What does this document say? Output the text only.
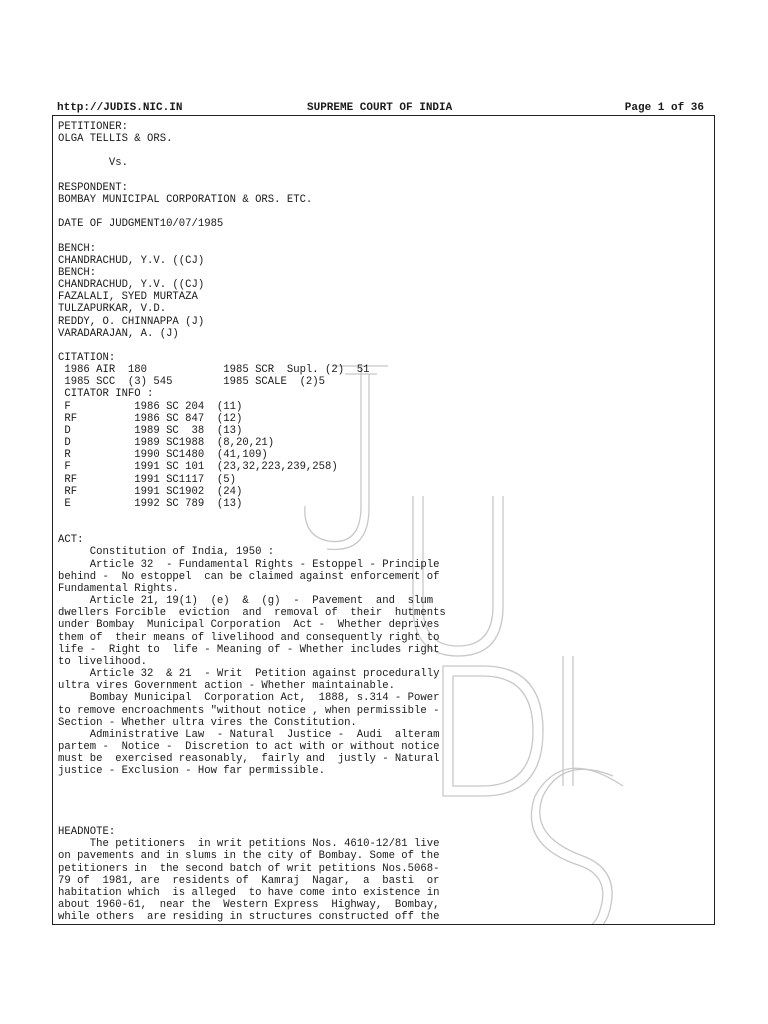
http://JUDIS.NIC.IN	SUPREME COURT OF INDIA	Page 1 of 36
PETITIONER:
OLGA TELLIS & ORS.

Vs.

RESPONDENT:
BOMBAY MUNICIPAL CORPORATION & ORS. ETC.

DATE OF JUDGMENT10/07/1985

BENCH:
CHANDRACHUD, Y.V. ((CJ)
BENCH:
CHANDRACHUD, Y.V. ((CJ)
FAZALALI, SYED MURTAZA
TULZAPURKAR, V.D.
REDDY, O. CHINNAPPA (J)
VARADARAJAN, A. (J)

CITATION:
1986 AIR  180            1985 SCR  Supl. (2)  51
1985 SCC  (3) 545        1985 SCALE  (2)5
CITATOR INFO :
F          1986 SC 204  (11)
RF         1986 SC 847  (12)
D          1989 SC  38  (13)
D          1989 SC1988  (8,20,21)
R          1990 SC1480  (41,109)
F          1991 SC 101  (23,32,223,239,258)
RF         1991 SC1117  (5)
RF         1991 SC1902  (24)
E          1992 SC 789  (13)

ACT:
Constitution of India, 1950 :
Article 32  - Fundamental Rights - Estoppel - Principle
behind -  No estoppel  can be claimed against enforcement of
Fundamental Rights.
Article 21, 19(1)  (e)  &  (g)  -  Pavement  and  slum
dwellers Forcible  eviction  and  removal of  their  hutments
under Bombay  Municipal Corporation  Act -  Whether deprives
them of  their means of livelihood and consequently right to
life -  Right to  life - Meaning of - Whether includes right
to livelihood.
Article 32  & 21  - Writ  Petition against procedurally
ultra vires Government action - Whether maintainable.
Bombay Municipal  Corporation Act,  1888, s.314 - Power
to remove encroachments "without notice , when permissible -
Section - Whether ultra vires the Constitution.
Administrative Law  - Natural  Justice -  Audi  alteram
partem -  Notice -  Discretion to act with or without notice
must be  exercised reasonably,  fairly and  justly - Natural
justice - Exclusion - How far permissible.

HEADNOTE:
The petitioners  in writ petitions Nos. 4610-12/81 live
on pavements and in slums in the city of Bombay. Some of the
petitioners in  the second batch of writ petitions Nos.5068-
79 of  1981, are  residents of  Kamraj  Nagar,  a  basti  or
habitation which  is alleged  to have come into existence in
about 1960-61,  near the  Western Express  Highway,  Bombay,
while others  are residing in structures constructed off the
